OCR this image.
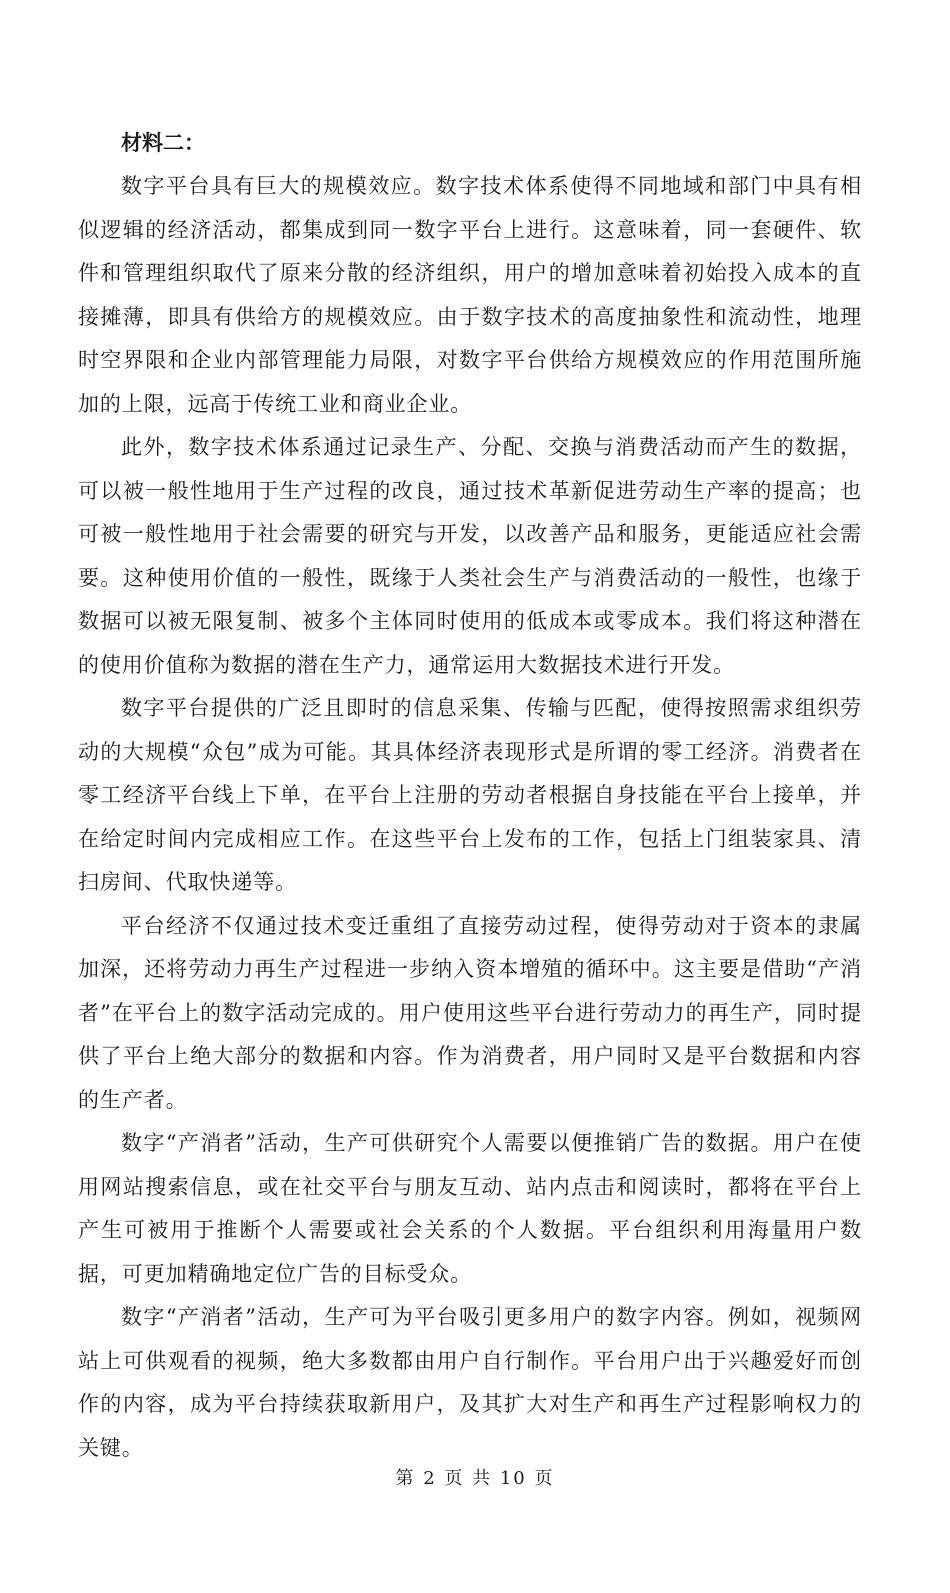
材料二：

数字平台具有巨大的规模效应。数字技术体系使得不同地域和部门中具有相似逻辑的经济活动，都集成到同一数字平台上进行。这意味着，同一套硬件、软件和管理组织取代了原来分散的经济组织，用户的增加意味着初始投入成本的直接摊薄，即具有供给方的规模效应。由于数字技术的高度抽象性和流动性，地理时空界限和企业内部管理能力局限，对数字平台供给方规模效应的作用范围所施加的上限，远高于传统工业和商业企业。

此外，数字技术体系通过记录生产、分配、交换与消费活动而产生的数据，可以被一般性地用于生产过程的改良，通过技术革新促进劳动生产率的提高；也可被一般性地用于社会需要的研究与开发，以改善产品和服务，更能适应社会需要。这种使用价值的一般性，既缘于人类社会生产与消费活动的一般性，也缘于数据可以被无限复制、被多个主体同时使用的低成本或零成本。我们将这种潜在的使用价值称为数据的潜在生产力，通常运用大数据技术进行开发。

数字平台提供的广泛且即时的信息采集、传输与匹配，使得按照需求组织劳动的大规模“众包”成为可能。其具体经济表现形式是所谓的零工经济。消费者在零工经济平台线上下单，在平台上注册的劳动者根据自身技能在平台上接单，并在给定时间内完成相应工作。在这些平台上发布的工作，包括上门组装家具、清扫房间、代取快递等。

平台经济不仅通过技术变迁重组了直接劳动过程，使得劳动对于资本的隶属加深，还将劳动力再生产过程进一步纳入资本增殖的循环中。这主要是借助“产消者”在平台上的数字活动完成的。用户使用这些平台进行劳动力的再生产，同时提供了平台上绝大部分的数据和内容。作为消费者，用户同时又是平台数据和内容的生产者。

数字“产消者”活动，生产可供研究个人需要以便推销广告的数据。用户在使用网站搜索信息，或在社交平台与朋友互动、站内点击和阅读时，都将在平台上产生可被用于推断个人需要或社会关系的个人数据。平台组织利用海量用户数据，可更加精确地定位广告的目标受众。

数字“产消者”活动，生产可为平台吸引更多用户的数字内容。例如，视频网站上可供观看的视频，绝大多数都由用户自行制作。平台用户出于兴趣爱好而创作的内容，成为平台持续获取新用户，及其扩大对生产和再生产过程影响权力的关键。

第 2 页 共 10 页
